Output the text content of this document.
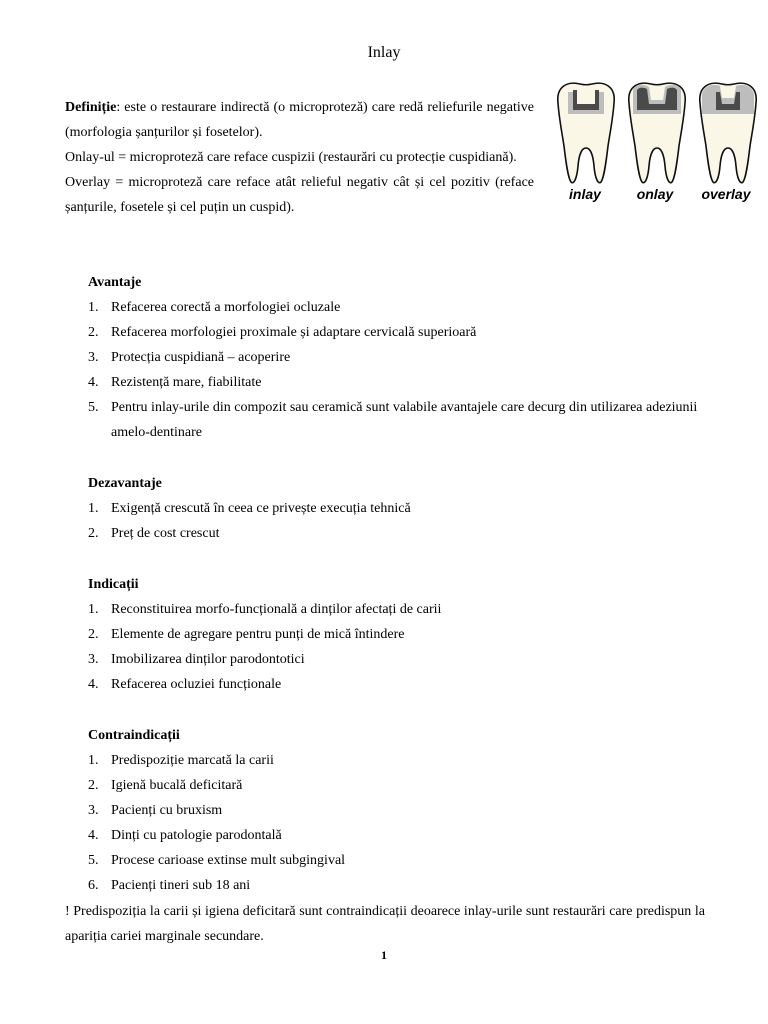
Inlay

Definiție: este o restaurare indirectă (o microproteză) care redă reliefurile negative (morfologia șanțurilor și fosetelor).

Onlay-ul = microproteză care reface cuspizii (restaurări cu protecție cuspidiană).

Overlay = microproteză care reface atât relieful negativ cât și cel pozitiv (reface șanțurile, fosetele și cel puțin un cuspid).

inlay	onlay	overlay
Avantaje
1. Refacerea corectă a morfologiei ocluzale
2. Refacerea morfologiei proximale și adaptare cervicală superioară
3. Protecția cuspidiană – acoperire
4. Rezistență mare, fiabilitate
5. Pentru inlay-urile din compozit sau ceramică sunt valabile avantajele care decurg din utilizarea adeziunii amelo-dentinare
Dezavantaje
1. Exigență crescută în ceea ce privește execuția tehnică
2. Preț de cost crescut
Indicații
1. Reconstituirea morfo-funcțională a dinților afectați de carii
2. Elemente de agregare pentru punți de mică întindere
3. Imobilizarea dinților parodontotici
4. Refacerea ocluziei funcționale
Contraindicații
1. Predispoziție marcată la carii
2. Igienă bucală deficitară
3. Pacienți cu bruxism
4. Dinți cu patologie parodontală
5. Procese carioase extinse mult subgingival
6. Pacienți tineri sub 18 ani

! Predispoziția la carii și igiena deficitară sunt contraindicații deoarece inlay-urile sunt restaurări care predispun la apariția cariei marginale secundare.

1
